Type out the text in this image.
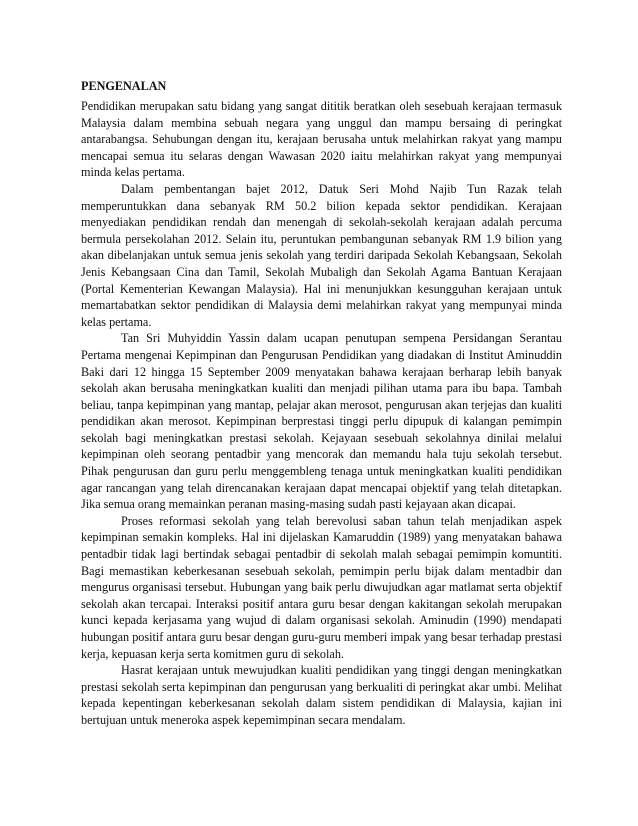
PENGENALAN

Pendidikan merupakan satu bidang yang sangat dititik beratkan oleh sesebuah kerajaan termasuk Malaysia dalam membina sebuah negara yang unggul dan mampu bersaing di peringkat antarabangsa. Sehubungan dengan itu, kerajaan berusaha untuk melahirkan rakyat yang mampu mencapai semua itu selaras dengan Wawasan 2020 iaitu melahirkan rakyat yang mempunyai minda kelas pertama.

Dalam pembentangan bajet 2012, Datuk Seri Mohd Najib Tun Razak telah memperuntukkan dana sebanyak RM 50.2 bilion kepada sektor pendidikan. Kerajaan menyediakan pendidikan rendah dan menengah di sekolah-sekolah kerajaan adalah percuma bermula persekolahan 2012. Selain itu, peruntukan pembangunan sebanyak RM 1.9 bilion yang akan dibelanjakan untuk semua jenis sekolah yang terdiri daripada Sekolah Kebangsaan, Sekolah Jenis Kebangsaan Cina dan Tamil, Sekolah Mubaligh dan Sekolah Agama Bantuan Kerajaan (Portal Kementerian Kewangan Malaysia). Hal ini menunjukkan kesungguhan kerajaan untuk memartabatkan sektor pendidikan di Malaysia demi melahirkan rakyat yang mempunyai minda kelas pertama.

Tan Sri Muhyiddin Yassin dalam ucapan penutupan sempena Persidangan Serantau Pertama mengenai Kepimpinan dan Pengurusan Pendidikan yang diadakan di Institut Aminuddin Baki dari 12 hingga 15 September 2009 menyatakan bahawa kerajaan berharap lebih banyak sekolah akan berusaha meningkatkan kualiti dan menjadi pilihan utama para ibu bapa. Tambah beliau, tanpa kepimpinan yang mantap, pelajar akan merosot, pengurusan akan terjejas dan kualiti pendidikan akan merosot. Kepimpinan berprestasi tinggi perlu dipupuk di kalangan pemimpin sekolah bagi meningkatkan prestasi sekolah. Kejayaan sesebuah sekolahnya dinilai melalui kepimpinan oleh seorang pentadbir yang mencorak dan memandu hala tuju sekolah tersebut. Pihak pengurusan dan guru perlu menggembleng tenaga untuk meningkatkan kualiti pendidikan agar rancangan yang telah direncanakan kerajaan dapat mencapai objektif yang telah ditetapkan. Jika semua orang memainkan peranan masing-masing sudah pasti kejayaan akan dicapai.

Proses reformasi sekolah yang telah berevolusi saban tahun telah menjadikan aspek kepimpinan semakin kompleks. Hal ini dijelaskan Kamaruddin (1989) yang menyatakan bahawa pentadbir tidak lagi bertindak sebagai pentadbir di sekolah malah sebagai pemimpin komuntiti. Bagi memastikan keberkesanan sesebuah sekolah, pemimpin perlu bijak dalam mentadbir dan mengurus organisasi tersebut. Hubungan yang baik perlu diwujudkan agar matlamat serta objektif sekolah akan tercapai. Interaksi positif antara guru besar dengan kakitangan sekolah merupakan kunci kepada kerjasama yang wujud di dalam organisasi sekolah. Aminudin (1990) mendapati hubungan positif antara guru besar dengan guru-guru memberi impak yang besar terhadap prestasi kerja, kepuasan kerja serta komitmen guru di sekolah.

Hasrat kerajaan untuk mewujudkan kualiti pendidikan yang tinggi dengan meningkatkan prestasi sekolah serta kepimpinan dan pengurusan yang berkualiti di peringkat akar umbi. Melihat kepada kepentingan keberkesanan sekolah dalam sistem pendidikan di Malaysia, kajian ini bertujuan untuk meneroka aspek kepemimpinan secara mendalam.
